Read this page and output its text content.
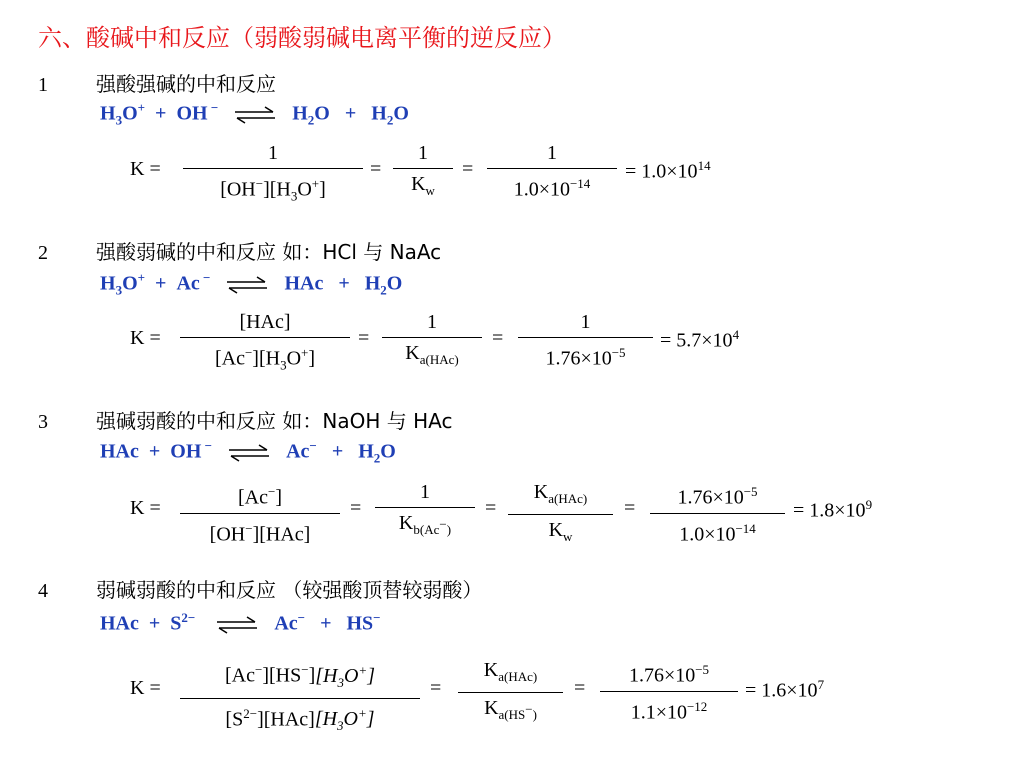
六、酸碱中和反应（弱酸弱碱电离平衡的逆反应）
1 强酸强碱的中和反应
$H_3O^+$  +  OH − ⇌ $H_2O + H_2O$
K =
1
$[OH^-][H_3O^+]$
=
1
$K_w$
=
1
$1.0\times 10^{-14}$
= $1.0\times 10^{14}$
2 强酸弱碱的中和反应 如：HCl 与 NaAc
$H_3O^+ + Ac$ − ⇌ HAc   +   $H_2O$
K =
[HAc]
$[Ac^-][H_3O^+]$
=
1
$K_{a(HAc)}$
=
1
$1.76\times 10^{-5}$
= $5.7\times 10^4$
3 强碱弱酸的中和反应 如：NaOH 与 HAc
HAc  +  OH − ⇌ $Ac^- + H_2O$
K =	[Ac−]
[OH−][HAc]
=
1
$K_{b(Ac^-)}$
=
$K_{a(HAc)}$
$K_w$
=	$1.76\times 10^{-5}$
$1.0\times 10^{-14}$
= $1.8\times 10^9$
4 弱碱弱酸的中和反应 （较强酸顶替较弱酸）
HAc  +  $S^{2-}$ ⇌ Ac−   +   HS−
K =
$[Ac^-][HS^-][H_3O^+]$
$[S^{2-}][HAc][H_3O^+]$
=
$K_{a(HAc)}$
$K_{a(HS^-)}$
=
$1.76\times 10^{-5}$
$1.1\times 10^{-12}$
= $1.6\times 10^7$
